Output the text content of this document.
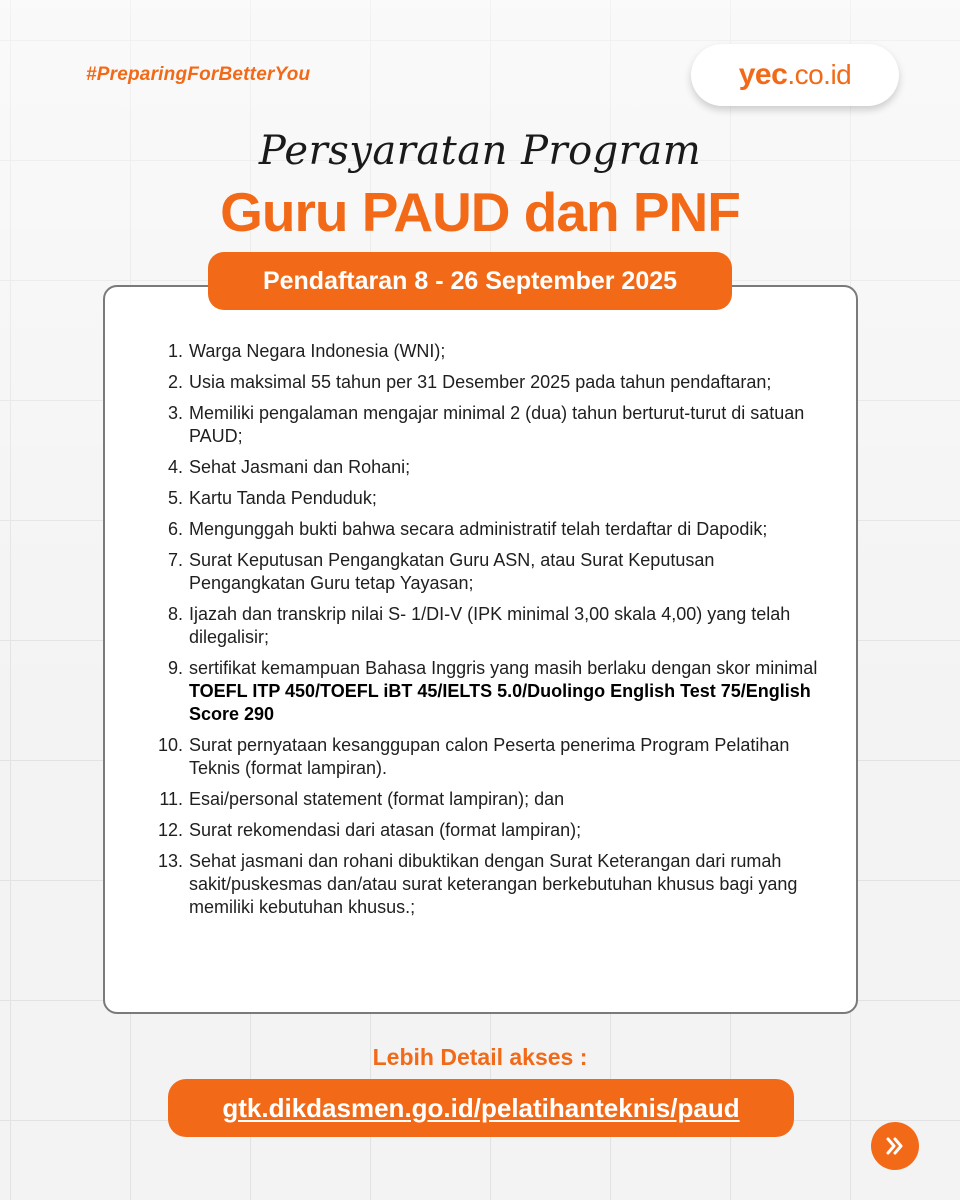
#PreparingForBetterYou	yec .co.id
Persyaratan Program
Guru PAUD dan PNF
Pendaftaran 8 - 26 September 2025
1. Warga Negara Indonesia (WNI);
2. Usia maksimal 55 tahun per 31 Desember 2025 pada tahun pendaftaran;
3. Memiliki pengalaman mengajar minimal 2 (dua) tahun berturut-turut di satuan PAUD;
4. Sehat Jasmani dan Rohani;
5. Kartu Tanda Penduduk;
6. Mengunggah bukti bahwa secara administratif telah terdaftar di Dapodik;
7. Surat Keputusan Pengangkatan Guru ASN, atau Surat Keputusan Pengangkatan Guru tetap Yayasan;
8. Ijazah dan transkrip nilai S- 1/DI-V (IPK minimal 3,00 skala 4,00) yang telah dilegalisir;
9. sertifikat kemampuan Bahasa Inggris yang masih berlaku dengan skor minimal TOEFL ITP 450/TOEFL iBT 45/IELTS 5.0/Duolingo English Test 75/English Score 290
10. Surat pernyataan kesanggupan calon Peserta penerima Program Pelatihan Teknis (format lampiran).
11. Esai/personal statement (format lampiran); dan
12. Surat rekomendasi dari atasan (format lampiran);
13. Sehat jasmani dan rohani dibuktikan dengan Surat Keterangan dari rumah sakit/puskesmas dan/atau surat keterangan berkebutuhan khusus bagi yang memiliki kebutuhan khusus.;
Lebih Detail akses :
gtk.dikdasmen.go.id/pelatihanteknis/paud
